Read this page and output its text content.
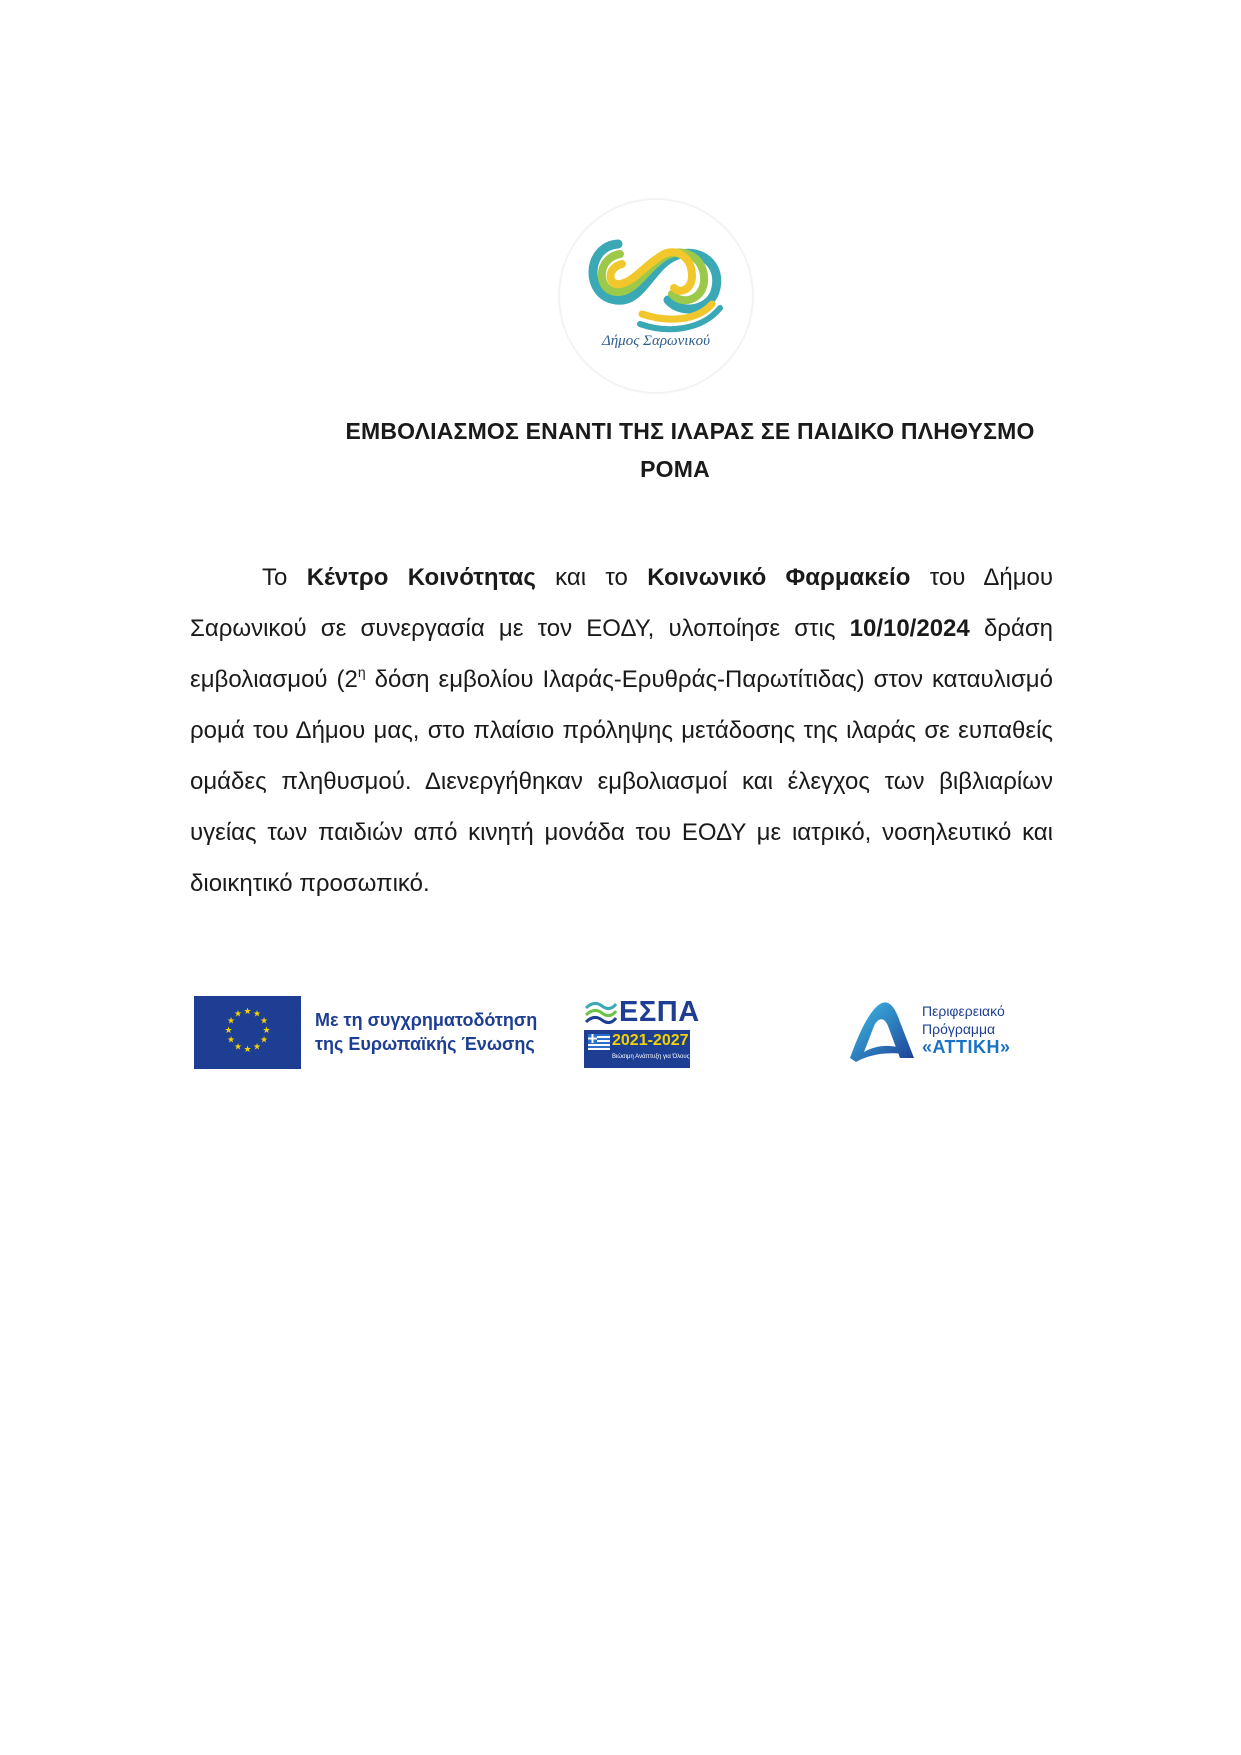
Δήμος Σαρωνικού
ΕΜΒΟΛΙΑΣΜΟΣ ΕΝΑΝΤΙ ΤΗΣ ΙΛΑΡΑΣ ΣΕ ΠΑΙΔΙΚΟ ΠΛΗΘΥΣΜΟ
ΡΟΜΑ
Το Κέντρο Κοινότητας και το Κοινωνικό Φαρμακείο του Δήμου Σαρωνικού σε συνεργασία με τον ΕΟΔΥ, υλοποίησε στις 10/10/2024 δράση εμβολιασμού ($2^\eta$ δόση εμβολίου Ιλαράς-Ερυθράς-Παρωτίτιδας) στον καταυλισμό ρομά του Δήμου μας, στο πλαίσιο πρόληψης μετάδοσης της ιλαράς σε ευπαθείς ομάδες πληθυσμού. Διενεργήθηκαν εμβολιασμοί και έλεγχος των βιβλιαρίων υγείας των παιδιών από κινητή μονάδα του ΕΟΔΥ με ιατρικό, νοσηλευτικό και διοικητικό προσωπικό.
★ ★
★
★
★
★
★
★
★
★
★
★	Με τη συγχρηματοδότηση
της Ευρωπαϊκής Ένωσης
ΕΣΠΑ
2021-2027
Βιώσιμη Ανάπτυξη για Όλους
Περιφερειακό
Πρόγραμμα
«ΑΤΤΙΚΗ»
